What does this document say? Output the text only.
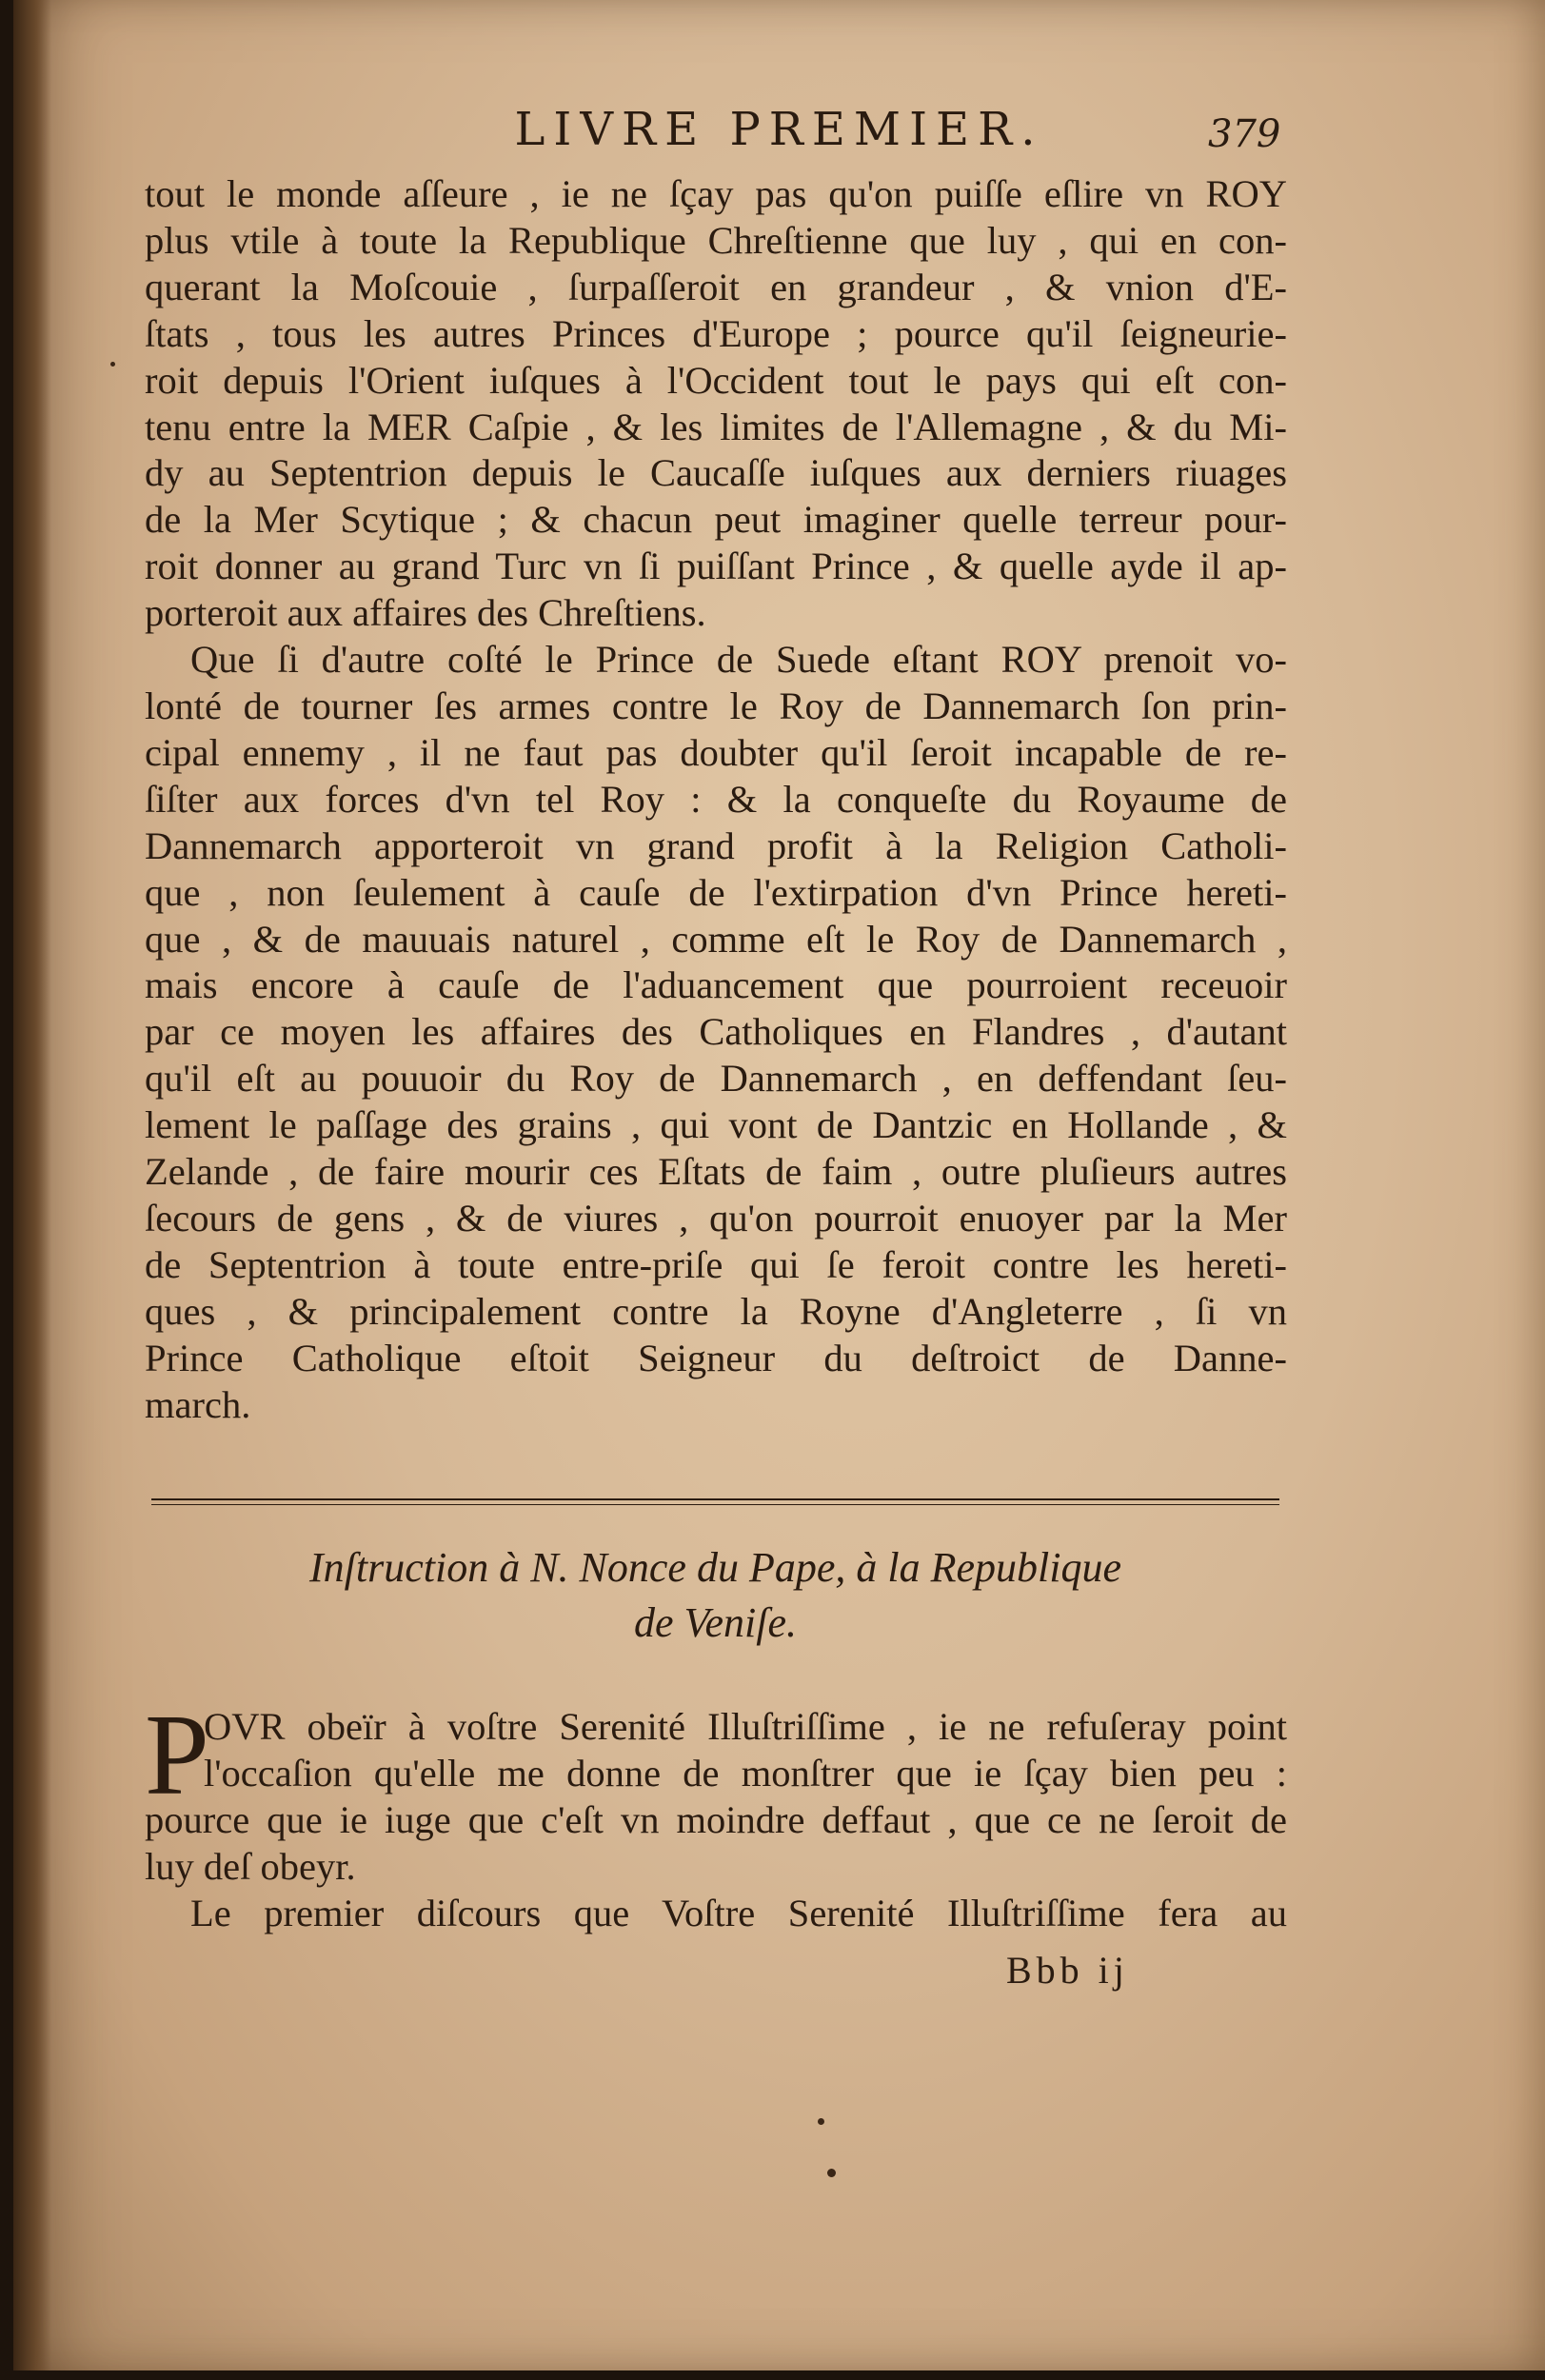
LIVRE PREMIER.	379
tout le monde aſſeure , ie ne ſçay pas qu'on puiſſe eſlire vn ROY
plus vtile à toute la Republique Chreſtienne que luy , qui en con-
querant la Moſcouie , ſurpaſſeroit en grandeur , & vnion d'E-
ſtats , tous les autres Princes d'Europe ; pource qu'il ſeigneurie-
roit depuis l'Orient iuſques à l'Occident tout le pays qui eſt con-
tenu entre la MER Caſpie , & les limites de l'Allemagne , & du Mi-
dy au Septentrion depuis le Caucaſſe iuſques aux derniers riuages
de la Mer Scytique ; & chacun peut imaginer quelle terreur pour-
roit donner au grand Turc vn ſi puiſſant Prince , & quelle ayde il ap-
porteroit aux affaires des Chreſtiens.
Que ſi d'autre coſté le Prince de Suede eſtant ROY prenoit vo-
lonté de tourner ſes armes contre le Roy de Dannemarch ſon prin-
cipal ennemy , il ne faut pas doubter qu'il ſeroit incapable de re-
ſiſter aux forces d'vn tel Roy : & la conqueſte du Royaume de
Dannemarch apporteroit vn grand profit à la Religion Catholi-
que , non ſeulement à cauſe de l'extirpation d'vn Prince hereti-
que , & de mauuais naturel , comme eſt le Roy de Dannemarch ,
mais encore à cauſe de l'aduancement que pourroient receuoir
par ce moyen les affaires des Catholiques en Flandres , d'autant
qu'il eſt au pouuoir du Roy de Dannemarch , en deffendant ſeu-
lement le paſſage des grains , qui vont de Dantzic en Hollande , &
Zelande , de faire mourir ces Eſtats de faim , outre pluſieurs autres
ſecours de gens , & de viures , qu'on pourroit enuoyer par la Mer
de Septentrion à toute entre-priſe qui ſe feroit contre les hereti-
ques , & principalement contre la Royne d'Angleterre , ſi vn
Prince Catholique eſtoit Seigneur du deſtroict de Danne-
march.
Inſtruction à N. Nonce du Pape, à la Republique
de Veniſe.
P
OVR obeïr à voſtre Serenité Illuſtriſſime , ie ne refuſeray point
l'occaſion qu'elle me donne de monſtrer que ie ſçay bien peu :
pource que ie iuge que c'eſt vn moindre deffaut , que ce ne ſeroit de
luy deſ obeyr.
Le premier diſcours que Voſtre Serenité Illuſtriſſime fera au
Bbb ij
